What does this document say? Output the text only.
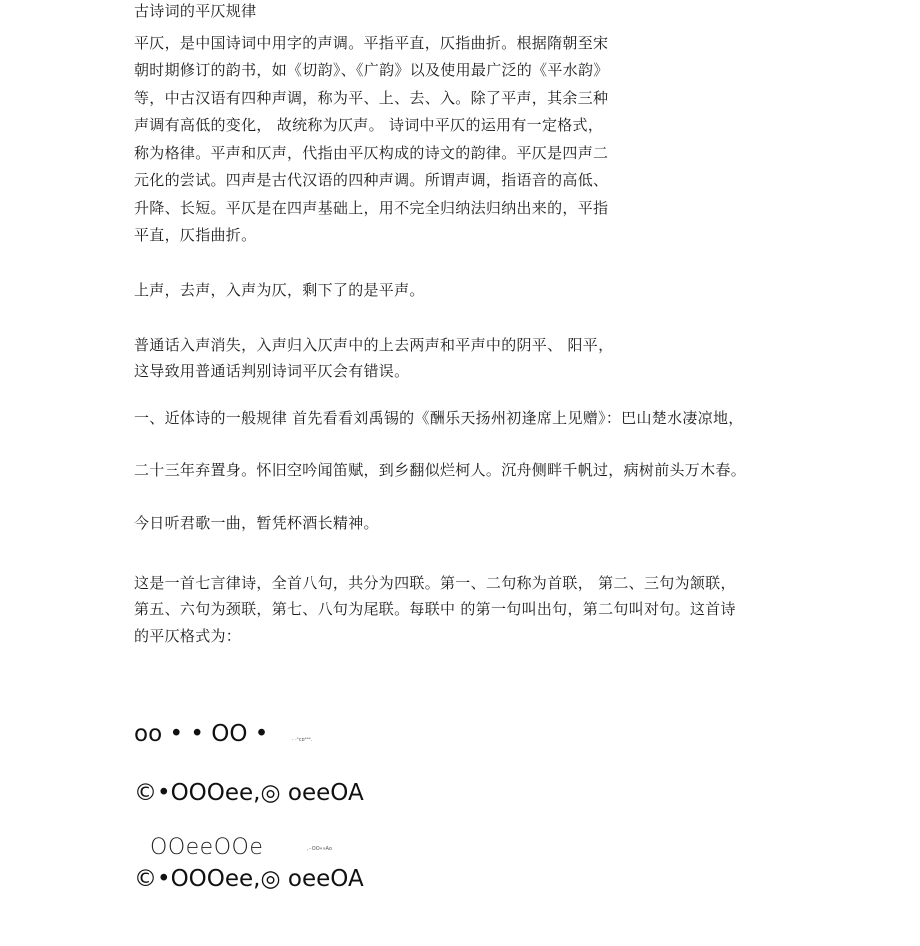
古诗词的平仄规律
平仄，是中国诗词中用字的声调。平指平直，仄指曲折。根据隋朝至宋
朝时期修订的韵书，如《切韵》、《广韵》以及使用最广泛的《平水韵》
等，中古汉语有四种声调，称为平、上、去、入。除了平声，其余三种
声调有高低的变化， 故统称为仄声。 诗词中平仄的运用有一定格式，
称为格律。平声和仄声，代指由平仄构成的诗文的韵律。平仄是四声二
元化的尝试。四声是古代汉语的四种声调。所谓声调，指语音的高低、
升降、长短。平仄是在四声基础上，用不完全归纳法归纳出来的，平指
平直，仄指曲折。
上声，去声，入声为仄，剩下了的是平声。
普通话入声消失，入声归入仄声中的上去两声和平声中的阴平、 阳平，
这导致用普通话判别诗词平仄会有错误。
一、近体诗的一般规律 首先看看刘禹锡的《酬乐天扬州初逢席上见赠》：巴山楚水凄凉地，
二十三年弃置身。怀旧空吟闻笛赋，到乡翻似烂柯人。沉舟侧畔千帆过，病树前头万木春。
今日听君歌一曲，暂凭杯酒长精神。
这是一首七言律诗，全首八句，共分为四联。第一、二句称为首联， 第二、三句为颔联，
第五、六句为颈联，第七、八句为尾联。每联中 的第一句叫出句，第二句叫对句。这首诗
的平仄格式为：
oo • • OO •	· ·ᵒcᴅᵉᵉᵉ.
©•OOOee,◎ oeeOA
OOeeOOe	,··OO«»Ao
©•OOOee,◎ oeeOA
